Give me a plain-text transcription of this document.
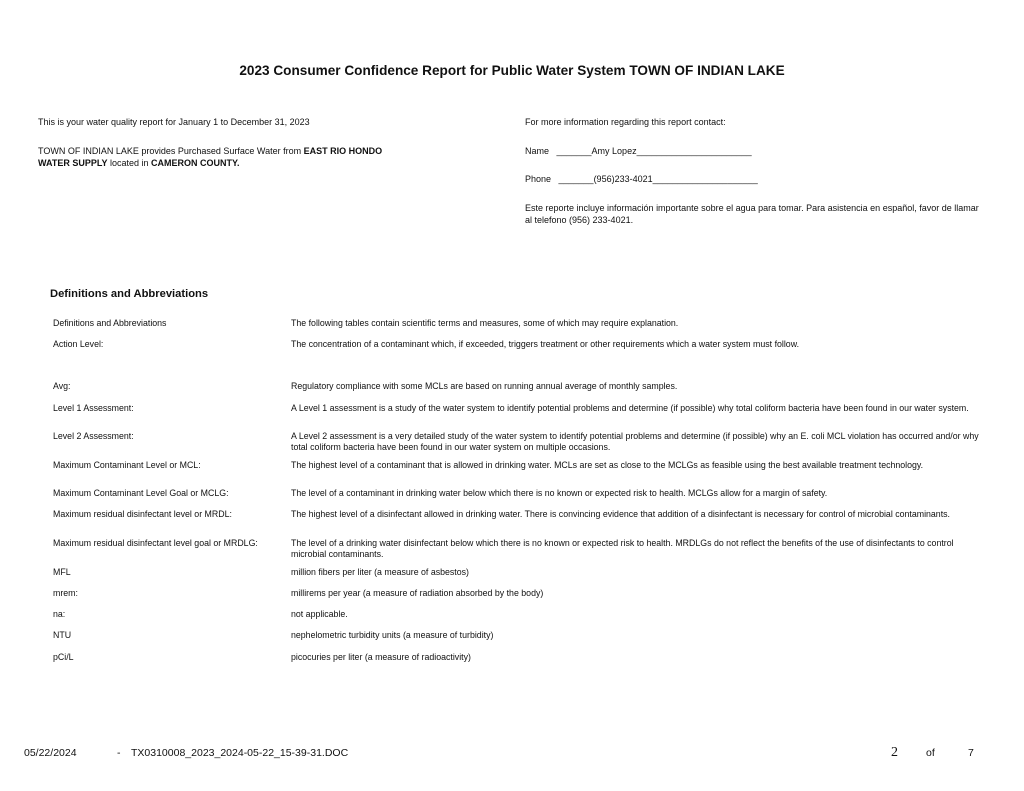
2023 Consumer Confidence Report for Public Water System TOWN OF INDIAN LAKE
This is your water quality report for January 1 to December 31, 2023
TOWN OF INDIAN LAKE provides Purchased Surface Water from EAST RIO HONDO WATER SUPPLY located in CAMERON COUNTY.
For more information regarding this report contact:
Name   _______Amy Lopez_______________________
Phone   _______(956)233-4021_____________________
Este reporte incluye información importante sobre el agua para tomar. Para asistencia en español, favor de llamar al telefono (956) 233-4021.
Definitions and Abbreviations
Definitions and Abbreviations	The following tables contain scientific terms and measures, some of which may require explanation.
Action Level:	The concentration of a contaminant which, if exceeded, triggers treatment or other requirements which a water system must follow.
Avg:	Regulatory compliance with some MCLs are based on running annual average of monthly samples.
Level 1 Assessment:	A Level 1 assessment is a study of the water system to identify potential problems and determine (if possible) why total coliform bacteria have been found in our water system.
Level 2 Assessment:	A Level 2 assessment is a very detailed study of the water system to identify potential problems and determine (if possible) why an E. coli MCL violation has occurred and/or why total coliform bacteria have been found in our water system on multiple occasions.
Maximum Contaminant Level or MCL:	The highest level of a contaminant that is allowed in drinking water. MCLs are set as close to the MCLGs as feasible using the best available treatment technology.
Maximum Contaminant Level Goal or MCLG:	The level of a contaminant in drinking water below which there is no known or expected risk to health. MCLGs allow for a margin of safety.
Maximum residual disinfectant level or MRDL:	The highest level of a disinfectant allowed in drinking water. There is convincing evidence that addition of a disinfectant is necessary for control of microbial contaminants.
Maximum residual disinfectant level goal or MRDLG:	The level of a drinking water disinfectant below which there is no known or expected risk to health. MRDLGs do not reflect the benefits of the use of disinfectants to control microbial contaminants.
MFL	million fibers per liter (a measure of asbestos)
mrem:	millirems per year (a measure of radiation absorbed by the body)
na:	not applicable.
NTU	nephelometric turbidity units (a measure of turbidity)
pCi/L	picocuries per liter (a measure of radioactivity)
05/22/2024	- TX0310008_2023_2024-05-22_15-39-31.DOC	2	of	7
